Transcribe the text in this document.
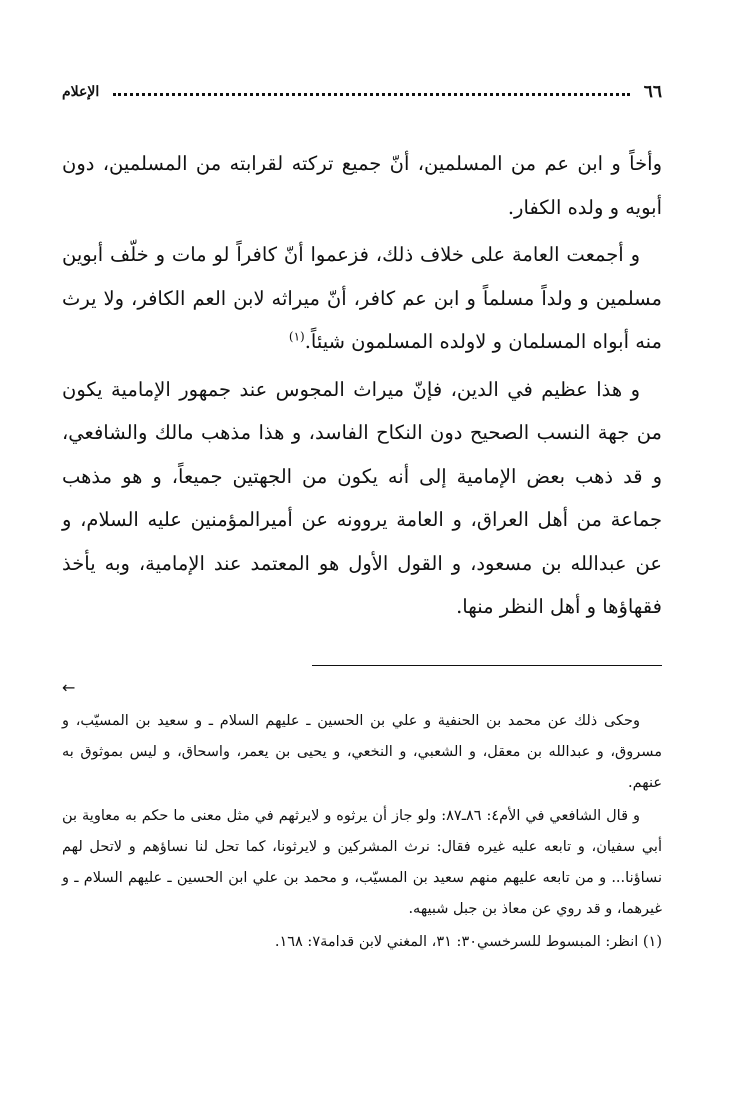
٦٦
الإعلام

وأخاً و ابن عم من المسلمين، أنّ جميع تركته لقرابته من المسلمين، دون أبويه و ولده الكفار.

و أجمعت العامة على خلاف ذلك، فزعموا أنّ كافراً لو مات و خلّف أبوين مسلمين و ولداً مسلماً و ابن عم كافر، أنّ ميراثه لابن العم الكافر، ولا يرث منه أبواه المسلمان و لاولده المسلمون شيئاً.$^{(١)}$

و هذا عظيم في الدين، فإنّ ميراث المجوس عند جمهور الإمامية يكون من جهة النسب الصحيح دون النكاح الفاسد، و هذا مذهب مالك والشافعي، و قد ذهب بعض الإمامية إلى أنه يكون من الجهتين جميعاً، و هو مذهب جماعة من أهل العراق، و العامة يروونه عن أميرالمؤمنين عليه السلام، و عن عبدالله بن مسعود، و القول الأول هو المعتمد عند الإمامية، وبه يأخذ فقهاؤها و أهل النظر منها.

←

وحكى ذلك عن محمد بن الحنفية و علي بن الحسين ـ عليهم السلام ـ و سعيد بن المسيّب، و مسروق، و عبدالله بن معقل، و الشعبي، و النخعي، و يحيى بن يعمر، واسحاق، و ليس بموثوق به عنهم.

و قال الشافعي في الأم٤: ٨٦ـ٨٧: ولو جاز أن يرثوه و لايرثهم في مثل معنى ما حكم به معاوية بن أبي سفيان، و تابعه عليه غيره فقال: نرث المشركين و لايرثونا، كما تحل لنا نساؤهم و لاتحل لهم نساؤنا... و من تابعه عليهم منهم سعيد بن المسيّب، و محمد بن علي ابن الحسين ـ عليهم السلام ـ و غيرهما، و قد روي عن معاذ بن جبل شبيهه.

(١) انظر: المبسوط للسرخسي٣٠: ٣١، المغني لابن قدامة٧: ١٦٨.
